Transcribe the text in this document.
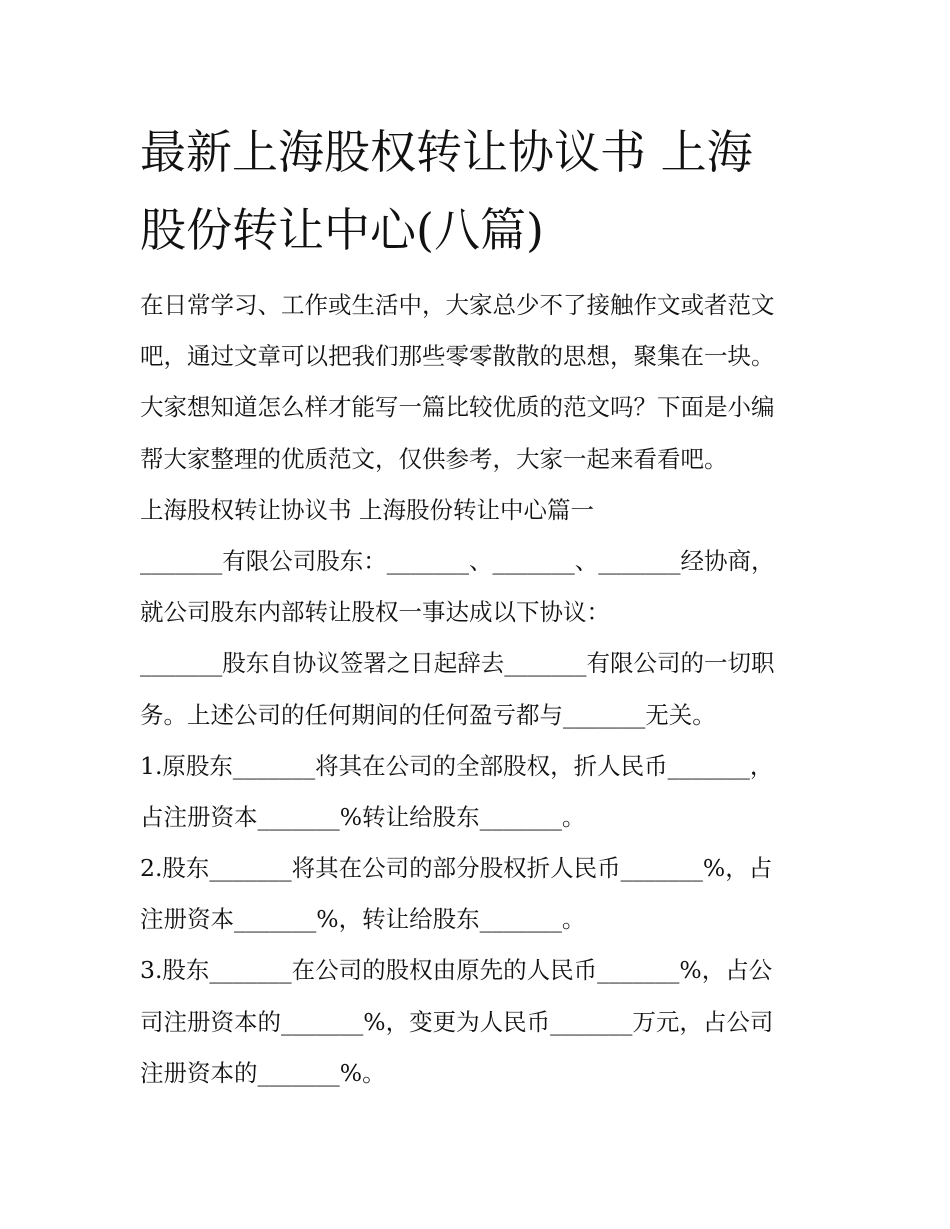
最新上海股权转让协议书 上海
股份转让中心(八篇)
在日常学习、工作或生活中，大家总少不了接触作文或者范文
吧，通过文章可以把我们那些零零散散的思想，聚集在一块。
大家想知道怎么样才能写一篇比较优质的范文吗？下面是小编
帮大家整理的优质范文，仅供参考，大家一起来看看吧。
上海股权转让协议书 上海股份转让中心篇一
_______有限公司股东：_______、_______、_______经协商，
就公司股东内部转让股权一事达成以下协议：
_______股东自协议签署之日起辞去_______有限公司的一切职
务。上述公司的任何期间的任何盈亏都与_______无关。
1.原股东_______将其在公司的全部股权，折人民币_______，
占注册资本_______%转让给股东_______。
2.股东_______将其在公司的部分股权折人民币_______%，占
注册资本_______%，转让给股东_______。
3.股东_______在公司的股权由原先的人民币_______%，占公
司注册资本的_______%，变更为人民币_______万元，占公司
注册资本的_______%。
